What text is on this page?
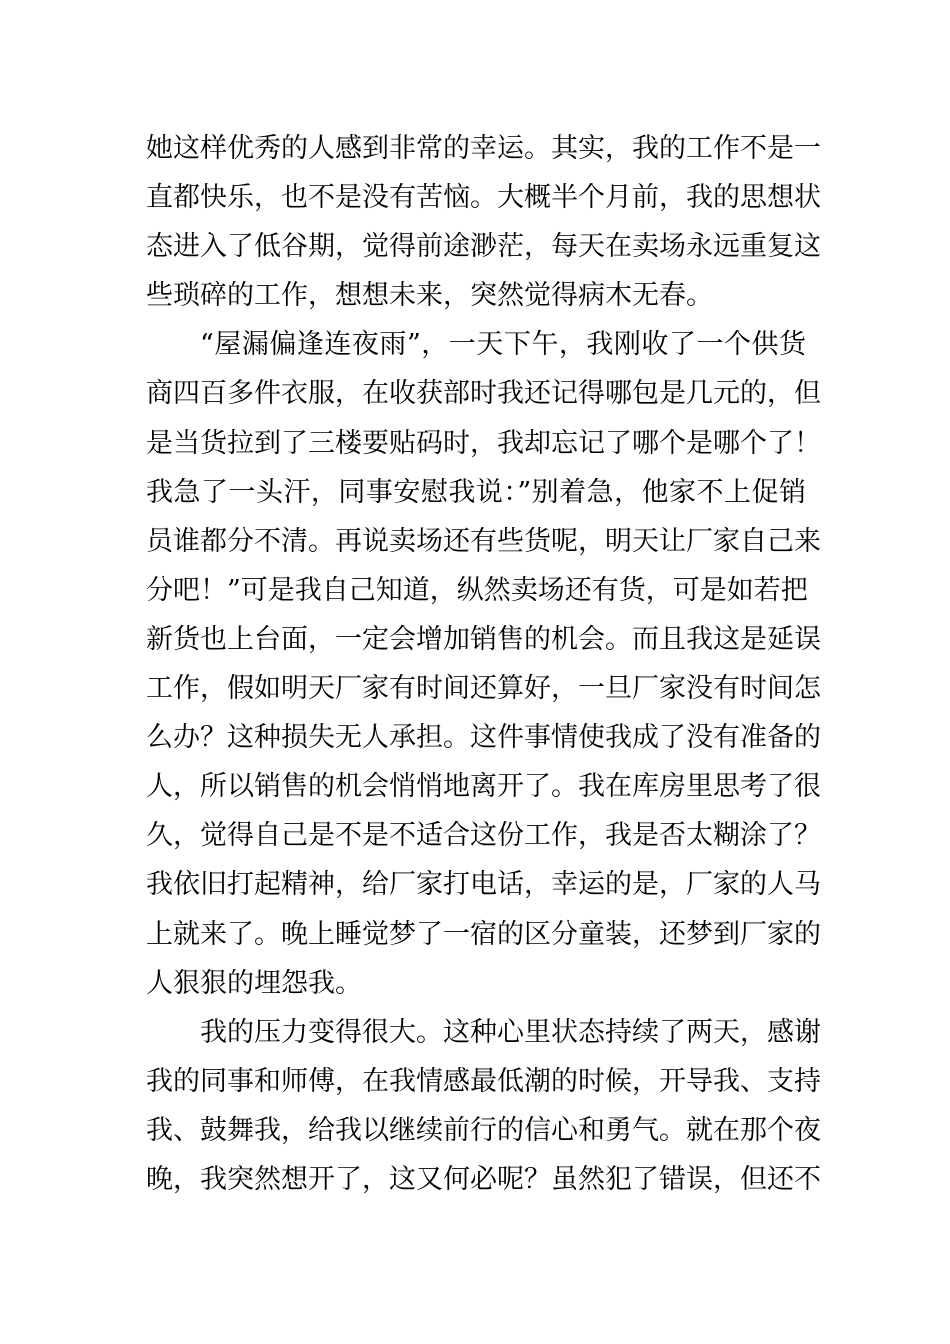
她这样优秀的人感到非常的幸运。其实，我的工作不是一
直都快乐，也不是没有苦恼。大概半个月前，我的思想状
态进入了低谷期，觉得前途渺茫，每天在卖场永远重复这
些琐碎的工作，想想未来，突然觉得病木无春。
“屋漏偏逢连夜雨”，一天下午，我刚收了一个供货
商四百多件衣服，在收获部时我还记得哪包是几元的，但
是当货拉到了三楼要贴码时，我却忘记了哪个是哪个了！
我急了一头汗，同事安慰我说：”别着急，他家不上促销
员谁都分不清。再说卖场还有些货呢，明天让厂家自己来
分吧！”可是我自己知道，纵然卖场还有货，可是如若把
新货也上台面，一定会增加销售的机会。而且我这是延误
工作，假如明天厂家有时间还算好，一旦厂家没有时间怎
么办？这种损失无人承担。这件事情使我成了没有准备的
人，所以销售的机会悄悄地离开了。我在库房里思考了很
久，觉得自己是不是不适合这份工作，我是否太糊涂了？
我依旧打起精神，给厂家打电话，幸运的是，厂家的人马
上就来了。晚上睡觉梦了一宿的区分童装，还梦到厂家的
人狠狠的埋怨我。
我的压力变得很大。这种心里状态持续了两天，感谢
我的同事和师傅，在我情感最低潮的时候，开导我、支持
我、鼓舞我，给我以继续前行的信心和勇气。就在那个夜
晚，我突然想开了，这又何必呢？虽然犯了错误，但还不
